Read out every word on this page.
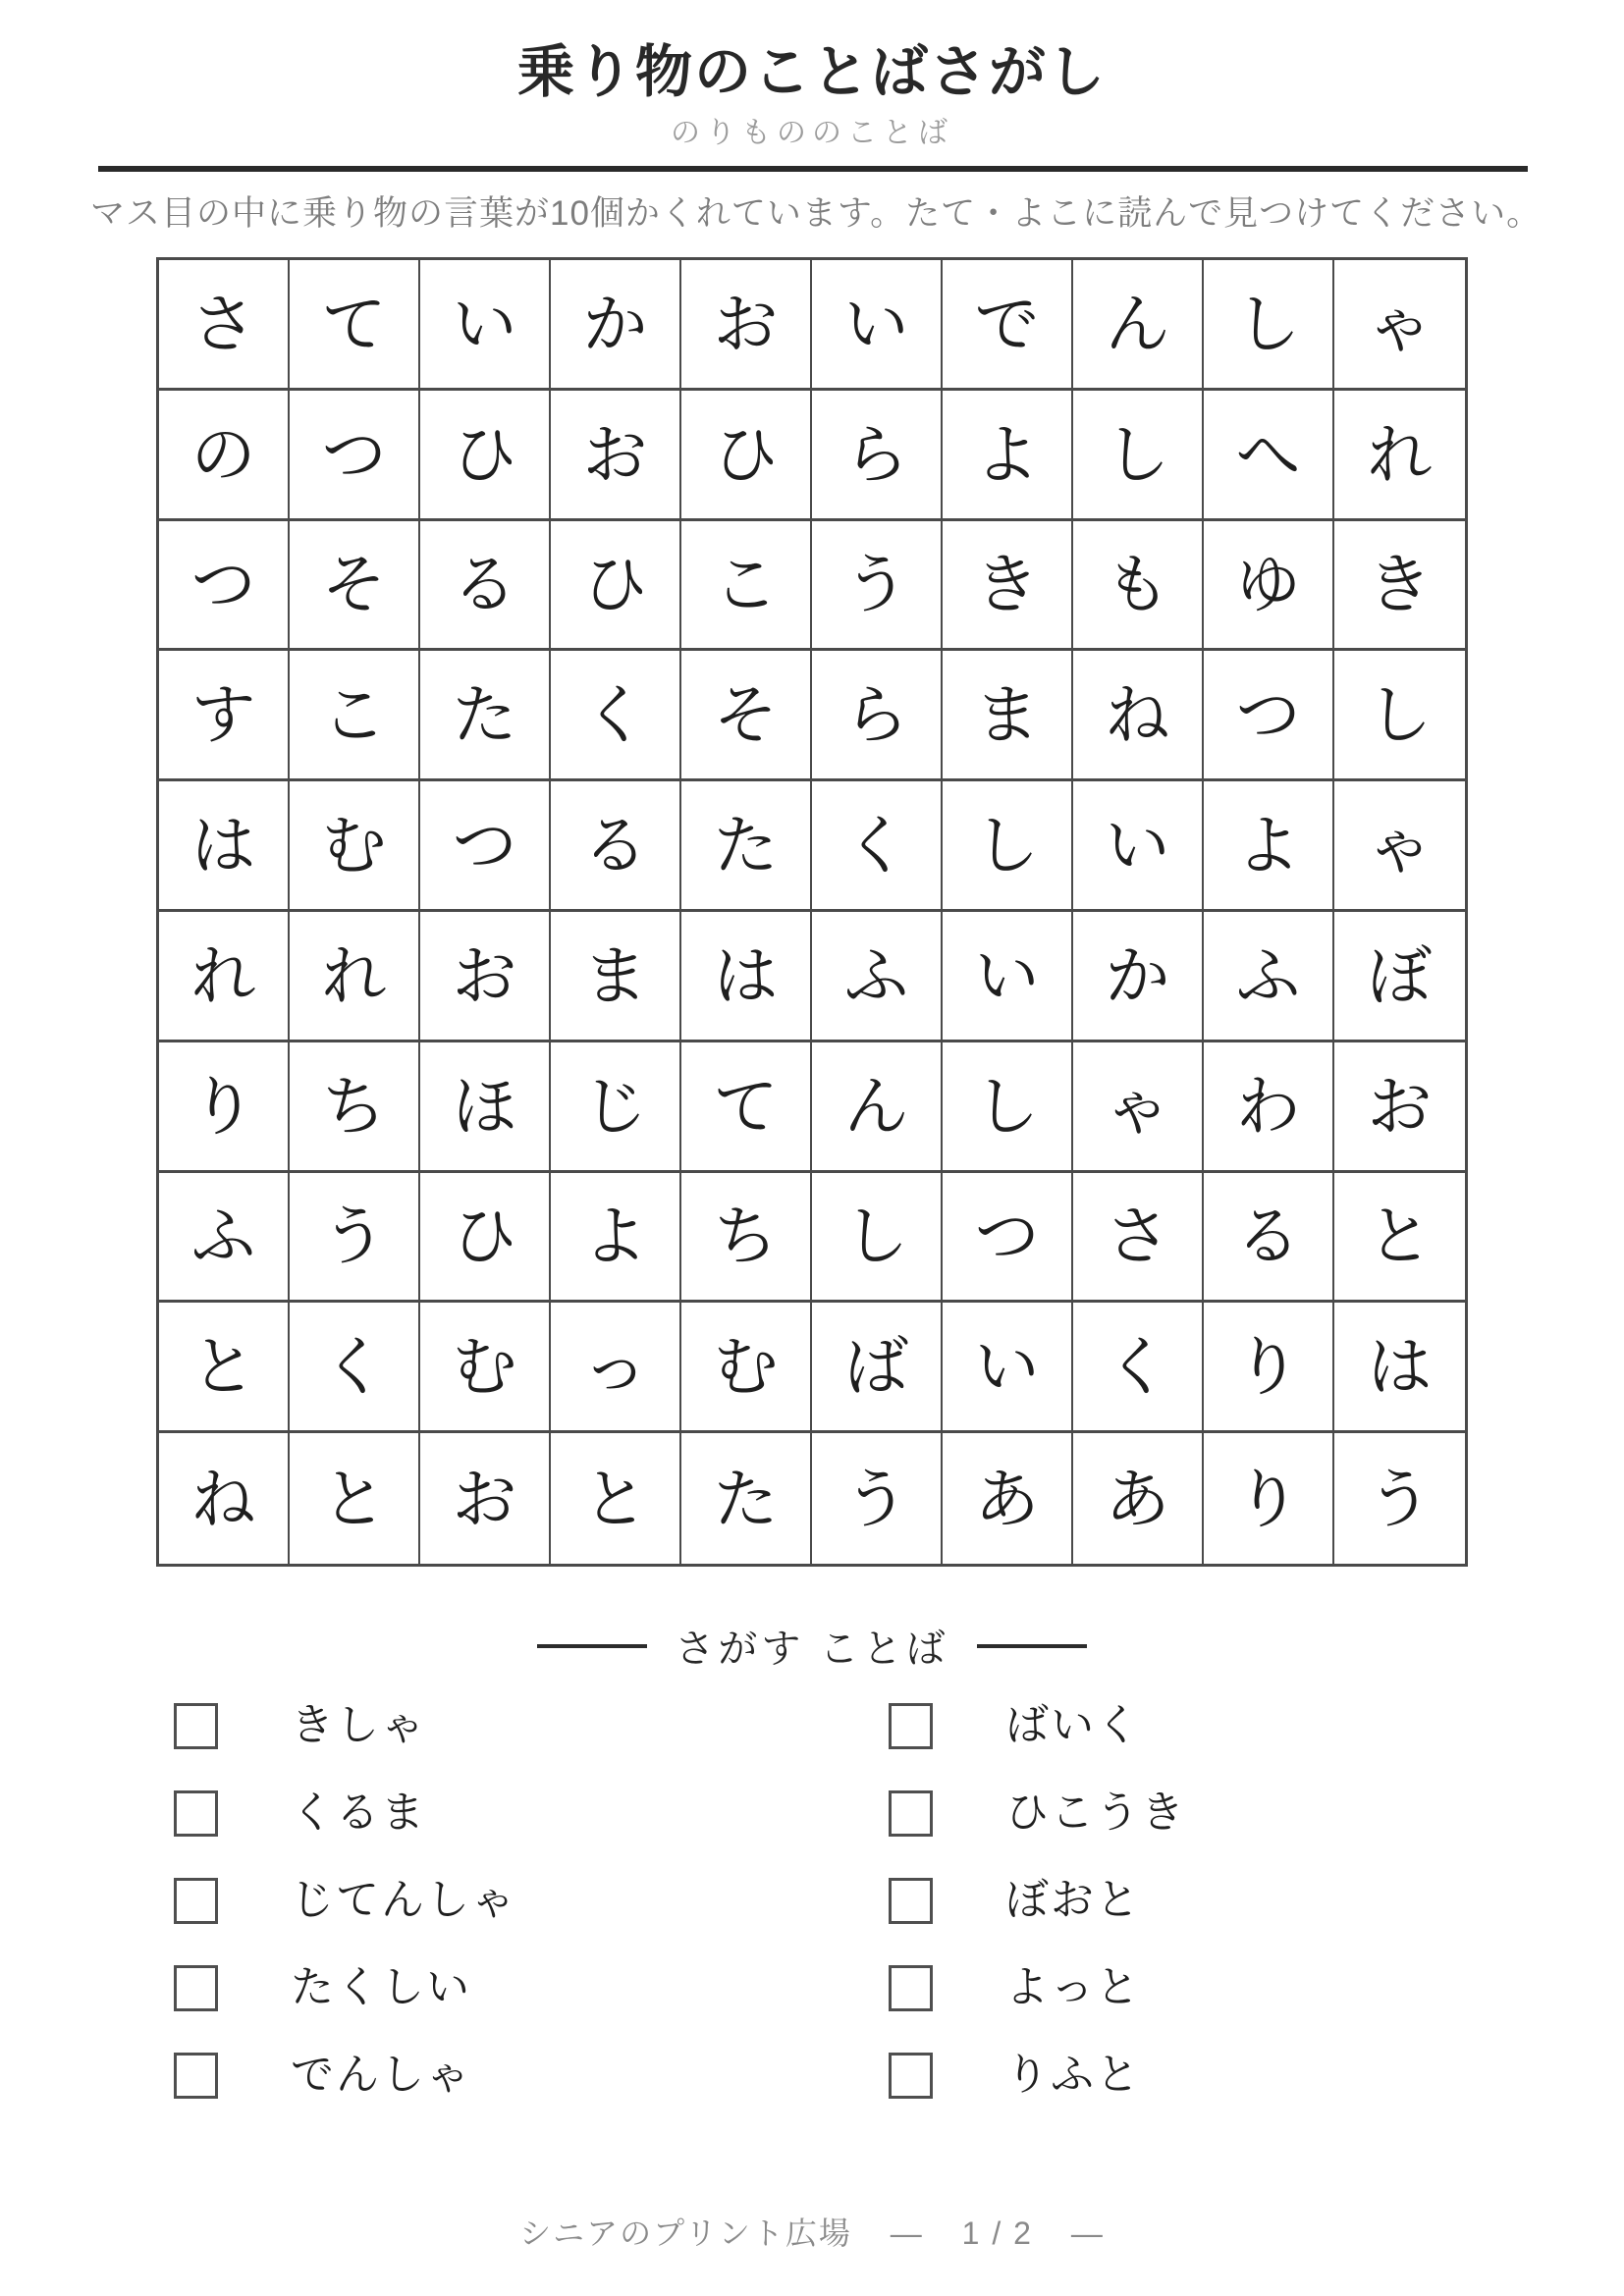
乗り物のことばさがし
のりもののことば
マス目の中に乗り物の言葉が10個かくれています。たて・よこに読んで見つけてください。
さ	て	い	か	お	い	で	ん	し	ゃ
の	つ	ひ	お	ひ	ら	よ	し	へ	れ
つ	そ	る	ひ	こ	う	き	も	ゆ	き
す	こ	た	く	そ	ら	ま	ね	つ	し
は	む	つ	る	た	く	し	い	よ	ゃ
れ	れ	お	ま	は	ふ	い	か	ふ	ぼ
り	ち	ほ	じ	て	ん	し	ゃ	わ	お
ふ	う	ひ	よ	ち	し	つ	さ	る	と
と	く	む	っ	む	ば	い	く	り	は
ね	と	お	と	た	う	あ	あ	り	う
さがす ことば
きしゃ
くるま
じてんしゃ
たくしい
でんしゃ
ばいく
ひこうき
ぼおと
よっと
りふと
シニアのプリント広場 ― 1 / 2 ―
